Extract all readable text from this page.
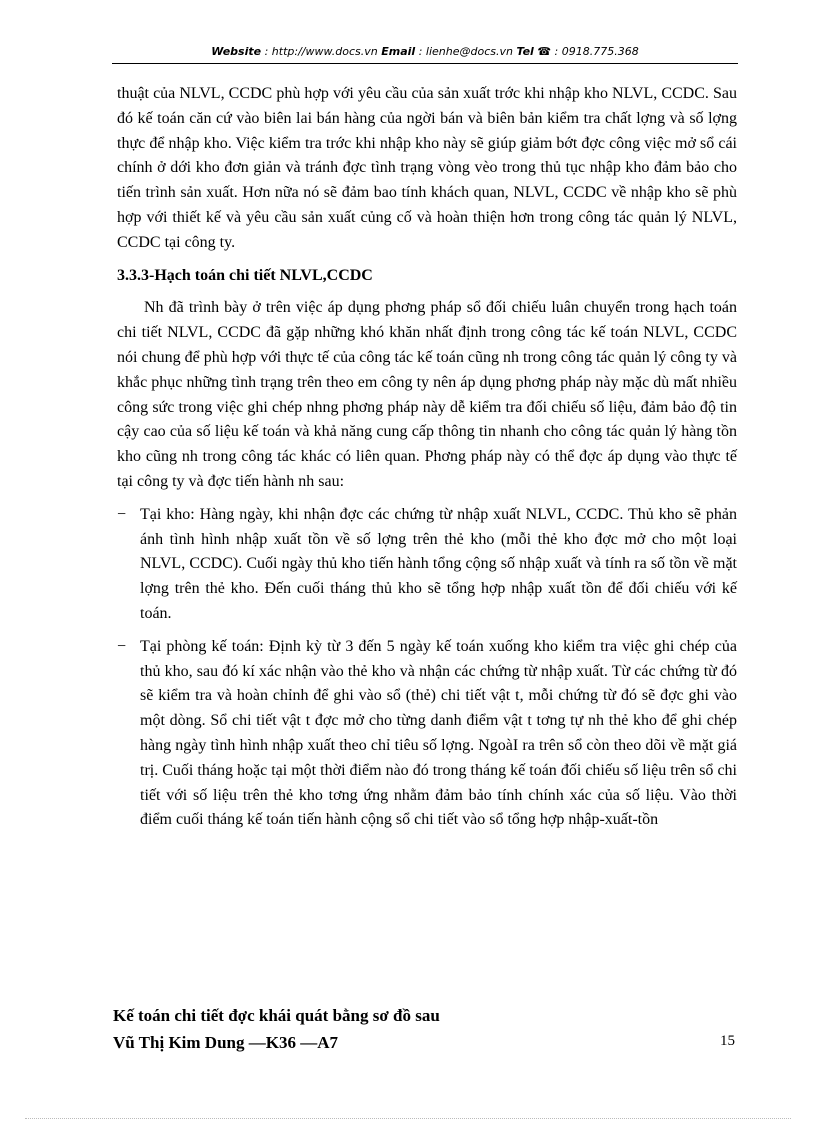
Website : http://www.docs.vn Email : lienhe@docs.vn Tel ☎ : 0918.775.368

thuật của NLVL, CCDC phù hợp với yêu cầu của sản xuất trớc khi nhập kho NLVL, CCDC. Sau đó kế toán căn cứ vào biên lai bán hàng của ngời bán và biên bản kiểm tra chất lợng và số lợng thực để nhập kho. Việc kiểm tra trớc khi nhập kho này sẽ giúp giảm bớt đợc công việc mở sổ cái chính ở dới kho đơn giản và tránh đợc tình trạng vòng vèo trong thủ tục nhập kho đảm bảo cho tiến trình sản xuất. Hơn nữa nó sẽ đảm bao tính khách quan, NLVL, CCDC về nhập kho sẽ phù hợp với thiết kế và yêu cầu sản xuất củng cố và hoàn thiện hơn trong công tác quản lý NLVL, CCDC tại công ty.

3.3.3-Hạch toán chi tiết NLVL,CCDC

Nh đã trình bày ở trên việc áp dụng phơng pháp sổ đối chiếu luân chuyển trong hạch toán chi tiết NLVL, CCDC đã gặp những khó khăn nhất định trong công tác kế toán NLVL, CCDC nói chung để phù hợp với thực tế của công tác kế toán cũng nh trong công tác quản lý công ty và khắc phục những tình trạng trên theo em công ty nên áp dụng phơng pháp này mặc dù mất nhiều công sức trong việc ghi chép nhng phơng pháp này dễ kiểm tra đối chiếu số liệu, đảm bảo độ tin cậy cao của số liệu kế toán và khả năng cung cấp thông tin nhanh cho công tác quản lý hàng tồn kho cũng nh trong công tác khác có liên quan. Phơng pháp này có thể đợc áp dụng vào thực tế tại công ty và đợc tiến hành nh sau:

− Tại kho: Hàng ngày, khi nhận đợc các chứng từ nhập xuất NLVL, CCDC. Thủ kho sẽ phản ánh tình hình nhập xuất tồn về số lợng trên thẻ kho (mỗi thẻ kho đợc mở cho một loại NLVL, CCDC). Cuối ngày thủ kho tiến hành tổng cộng số nhập xuất và tính ra số tồn về mặt lợng trên thẻ kho. Đến cuối tháng thủ kho sẽ tổng hợp nhập xuất tồn để đối chiếu với kế toán.

− Tại phòng kế toán: Định kỳ từ 3 đến 5 ngày kế toán xuống kho kiểm tra việc ghi chép của thủ kho, sau đó kí xác nhận vào thẻ kho và nhận các chứng từ nhập xuất. Từ các chứng từ đó sẽ kiểm tra và hoàn chỉnh để ghi vào sổ (thẻ) chi tiết vật t, mỗi chứng từ đó sẽ đợc ghi vào một dòng. Sổ chi tiết vật t đợc mở cho từng danh điểm vật t tơng tự nh thẻ kho để ghi chép hàng ngày tình hình nhập xuất theo chỉ tiêu số lợng. NgoàI ra trên sổ còn theo dõi về mặt giá trị. Cuối tháng hoặc tại một thời điểm nào đó trong tháng kế toán đối chiếu số liệu trên sổ chi tiết với số liệu trên thẻ kho tơng ứng nhằm đảm bảo tính chính xác của số liệu. Vào thời điểm cuối tháng kế toán tiến hành cộng sổ chi tiết vào sổ tổng hợp nhập-xuất-tồn

Kế toán chi tiết đợc khái quát bằng sơ đồ sau
Vũ Thị Kim Dung —K36 —A7	15
